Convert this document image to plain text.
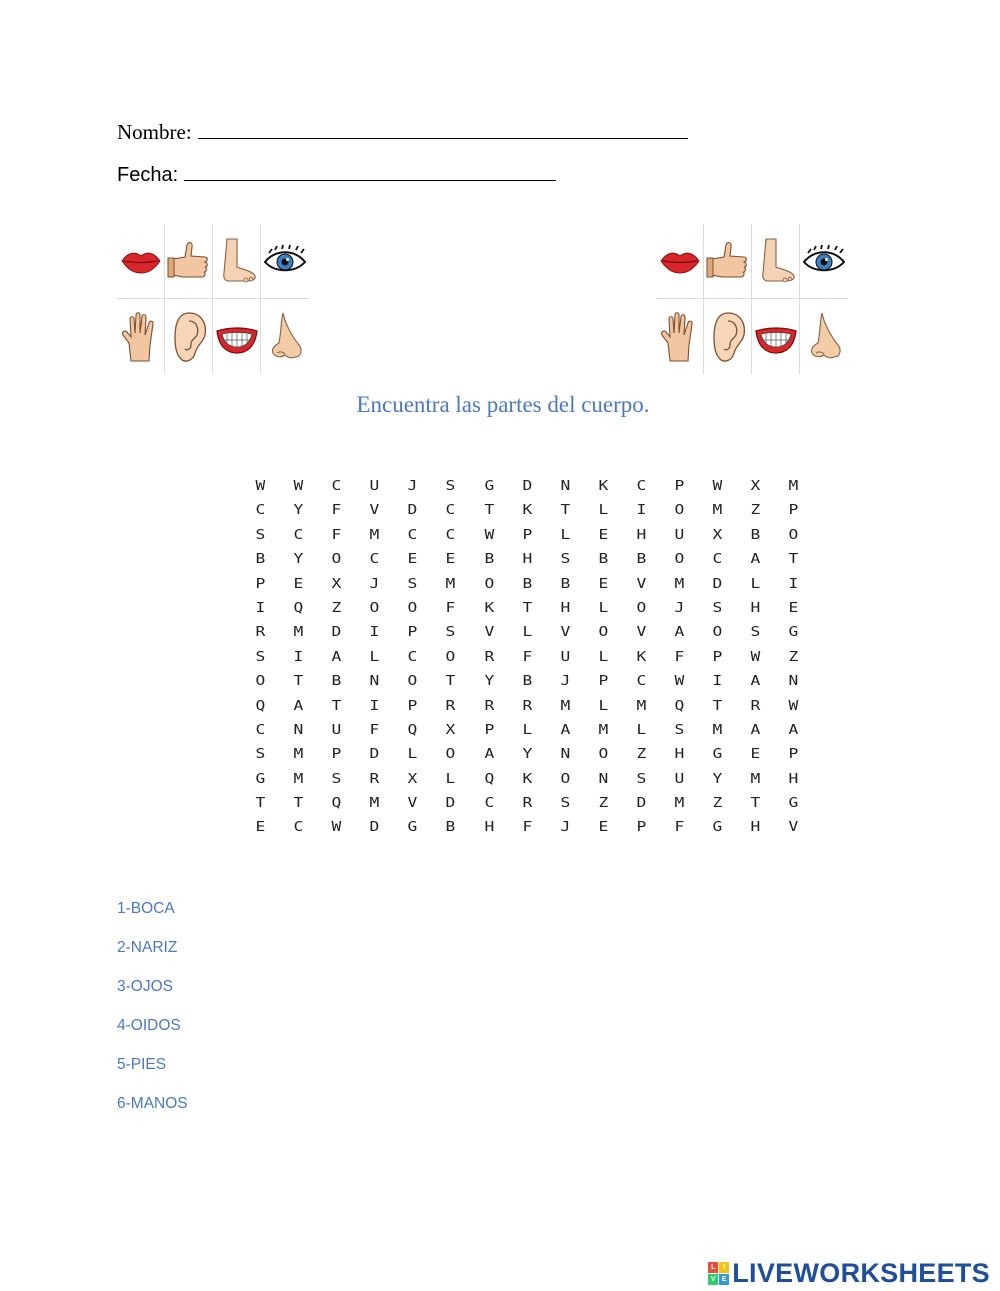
Nombre:
Fecha:
Encuentra las partes del cuerpo.
W	W	C	U	J	S	G	D	N	K	C	P	W	X	M
C	Y	F	V	D	C	T	K	T	L	I	O	M	Z	P
S	C	F	M	C	C	W	P	L	E	H	U	X	B	O
B	Y	O	C	E	E	B	H	S	B	B	O	C	A	T
P	E	X	J	S	M	O	B	B	E	V	M	D	L	I
I	Q	Z	O	O	F	K	T	H	L	O	J	S	H	E
R	M	D	I	P	S	V	L	V	O	V	A	O	S	G
S	I	A	L	C	O	R	F	U	L	K	F	P	W	Z
O	T	B	N	O	T	Y	B	J	P	C	W	I	A	N
Q	A	T	I	P	R	R	R	M	L	M	Q	T	R	W
C	N	U	F	Q	X	P	L	A	M	L	S	M	A	A
S	M	P	D	L	O	A	Y	N	O	Z	H	G	E	P
G	M	S	R	X	L	Q	K	O	N	S	U	Y	M	H
T	T	Q	M	V	D	C	R	S	Z	D	M	Z	T	G
E	C	W	D	G	B	H	F	J	E	P	F	G	H	V
1-BOCA
2-NARIZ
3-OJOS
4-OIDOS
5-PIES
6-MANOS
L	I
V E LIVEWORKSHEETS
